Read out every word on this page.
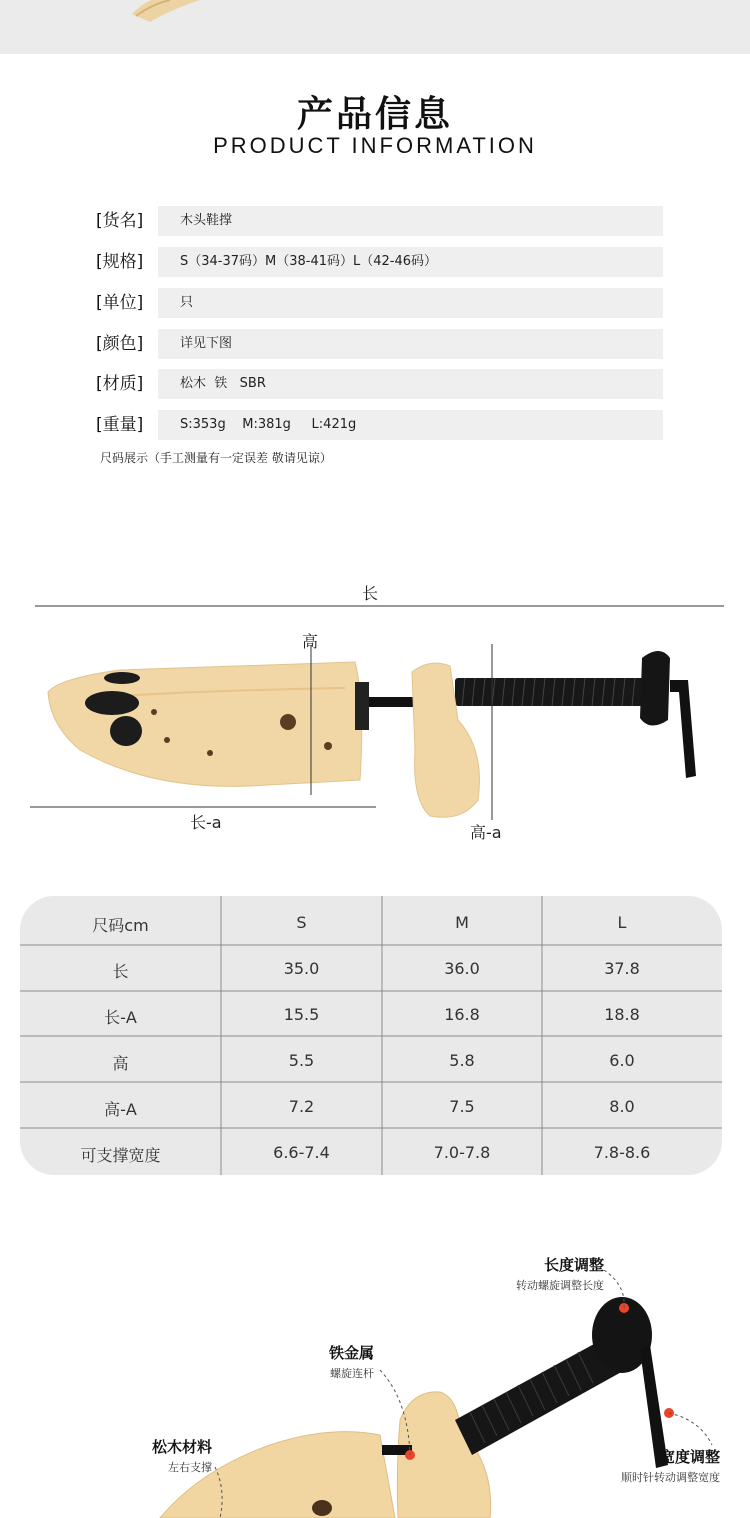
产品信息
PRODUCT INFORMATION
[货名]	木头鞋撑
[规格]	S（34-37码）M（38-41码）L（42-46码）
[单位]	只
[颜色]	详见下图
[材质]	松木  铁   SBR
[重量]	S:353g    M:381g     L:421g
尺码展示（手工测量有一定误差 敬请见谅）
长
高
长-a
高-a
尺码cm	S	M	L
长	35.0	36.0	37.8
长-A	15.5	16.8	18.8
高	5.5	5.8	6.0
高-A	7.2	7.5	8.0
可支撑宽度	6.6-7.4	7.0-7.8	7.8-8.6
长度调整
转动螺旋调整长度
铁金属
螺旋连杆
松木材料
左右支撑
宽度调整
顺时针转动调整宽度
